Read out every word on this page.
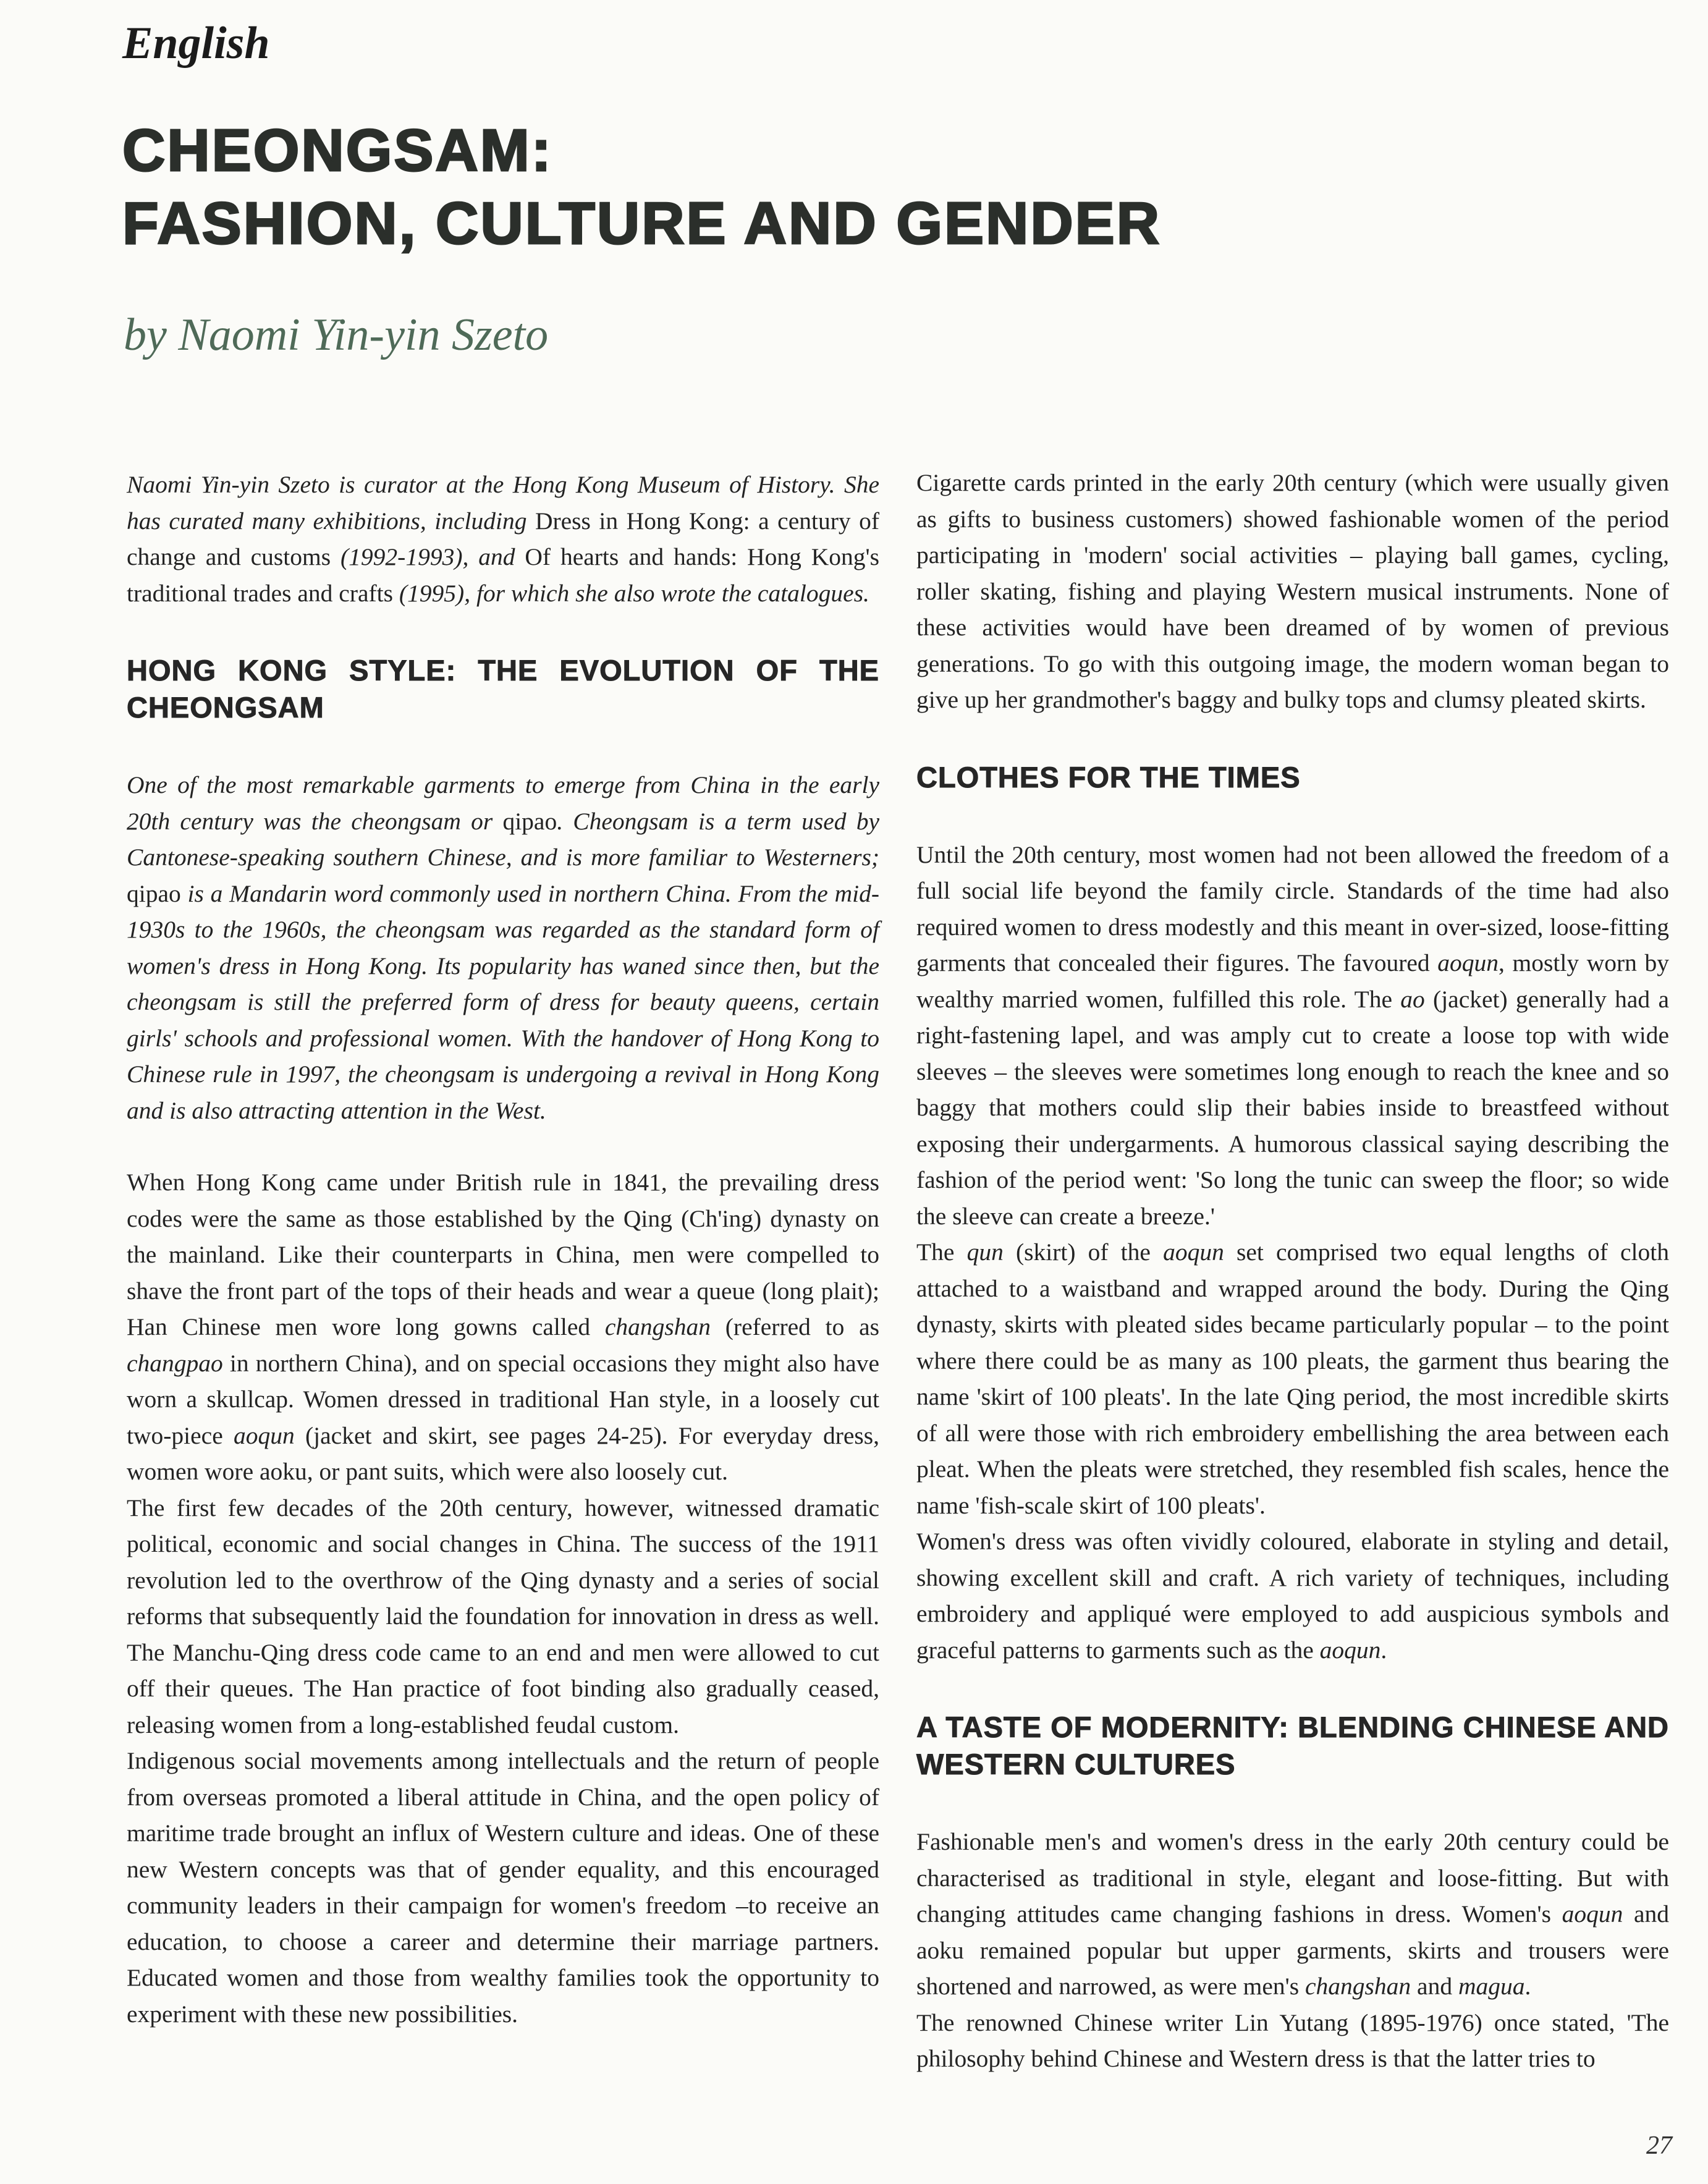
English
CHEONGSAM:
FASHION, CULTURE AND GENDER
by Naomi Yin-yin Szeto

Naomi Yin-yin Szeto is curator at the Hong Kong Museum of History. She has curated many exhibitions, including Dress in Hong Kong: a century of change and customs (1992-1993), and Of hearts and hands: Hong Kong's traditional trades and crafts (1995), for which she also wrote the catalogues.

HONG KONG STYLE: THE EVOLUTION OF THE CHEONGSAM

One of the most remarkable garments to emerge from China in the early 20th century was the cheongsam or qipao. Cheongsam is a term used by Cantonese-speaking southern Chinese, and is more familiar to Westerners; qipao is a Mandarin word commonly used in northern China. From the mid-1930s to the 1960s, the cheongsam was regarded as the standard form of women's dress in Hong Kong. Its popularity has waned since then, but the cheongsam is still the preferred form of dress for beauty queens, certain girls' schools and professional women. With the handover of Hong Kong to Chinese rule in 1997, the cheongsam is undergoing a revival in Hong Kong and is also attracting attention in the West.

When Hong Kong came under British rule in 1841, the prevailing dress codes were the same as those established by the Qing (Ch'ing) dynasty on the mainland. Like their counterparts in China, men were compelled to shave the front part of the tops of their heads and wear a queue (long plait); Han Chinese men wore long gowns called changshan (referred to as changpao in northern China), and on special occasions they might also have worn a skullcap. Women dressed in traditional Han style, in a loosely cut two-piece aoqun (jacket and skirt, see pages 24-25). For everyday dress, women wore aoku, or pant suits, which were also loosely cut.

The first few decades of the 20th century, however, witnessed dramatic political, economic and social changes in China. The success of the 1911 revolution led to the overthrow of the Qing dynasty and a series of social reforms that subsequently laid the foundation for innovation in dress as well. The Manchu-Qing dress code came to an end and men were allowed to cut off their queues. The Han practice of foot binding also gradually ceased, releasing women from a long-established feudal custom.

Indigenous social movements among intellectuals and the return of people from overseas promoted a liberal attitude in China, and the open policy of maritime trade brought an influx of Western culture and ideas. One of these new Western concepts was that of gender equality, and this encouraged community leaders in their campaign for women's freedom –to receive an education, to choose a career and determine their marriage partners. Educated women and those from wealthy families took the opportunity to experiment with these new possibilities.

Cigarette cards printed in the early 20th century (which were usually given as gifts to business customers) showed fashionable women of the period participating in 'modern' social activities – playing ball games, cycling, roller skating, fishing and playing Western musical instruments. None of these activities would have been dreamed of by women of previous generations. To go with this outgoing image, the modern woman began to give up her grandmother's baggy and bulky tops and clumsy pleated skirts.

CLOTHES FOR THE TIMES

Until the 20th century, most women had not been allowed the freedom of a full social life beyond the family circle. Standards of the time had also required women to dress modestly and this meant in over-sized, loose-fitting garments that concealed their figures. The favoured aoqun, mostly worn by wealthy married women, fulfilled this role. The ao (jacket) generally had a right-fastening lapel, and was amply cut to create a loose top with wide sleeves – the sleeves were sometimes long enough to reach the knee and so baggy that mothers could slip their babies inside to breastfeed without exposing their undergarments. A humorous classical saying describing the fashion of the period went: 'So long the tunic can sweep the floor; so wide the sleeve can create a breeze.'

The qun (skirt) of the aoqun set comprised two equal lengths of cloth attached to a waistband and wrapped around the body. During the Qing dynasty, skirts with pleated sides became particularly popular – to the point where there could be as many as 100 pleats, the garment thus bearing the name 'skirt of 100 pleats'. In the late Qing period, the most incredible skirts of all were those with rich embroidery embellishing the area between each pleat. When the pleats were stretched, they resembled fish scales, hence the name 'fish-scale skirt of 100 pleats'.

Women's dress was often vividly coloured, elaborate in styling and detail, showing excellent skill and craft. A rich variety of techniques, including embroidery and appliqué were employed to add auspicious symbols and graceful patterns to garments such as the aoqun.

A TASTE OF MODERNITY: BLENDING CHINESE AND WESTERN CULTURES

Fashionable men's and women's dress in the early 20th century could be characterised as traditional in style, elegant and loose-fitting. But with changing attitudes came changing fashions in dress. Women's aoqun and aoku remained popular but upper garments, skirts and trousers were shortened and narrowed, as were men's changshan and magua.

The renowned Chinese writer Lin Yutang (1895-1976) once stated, 'The philosophy behind Chinese and Western dress is that the latter tries to

27
